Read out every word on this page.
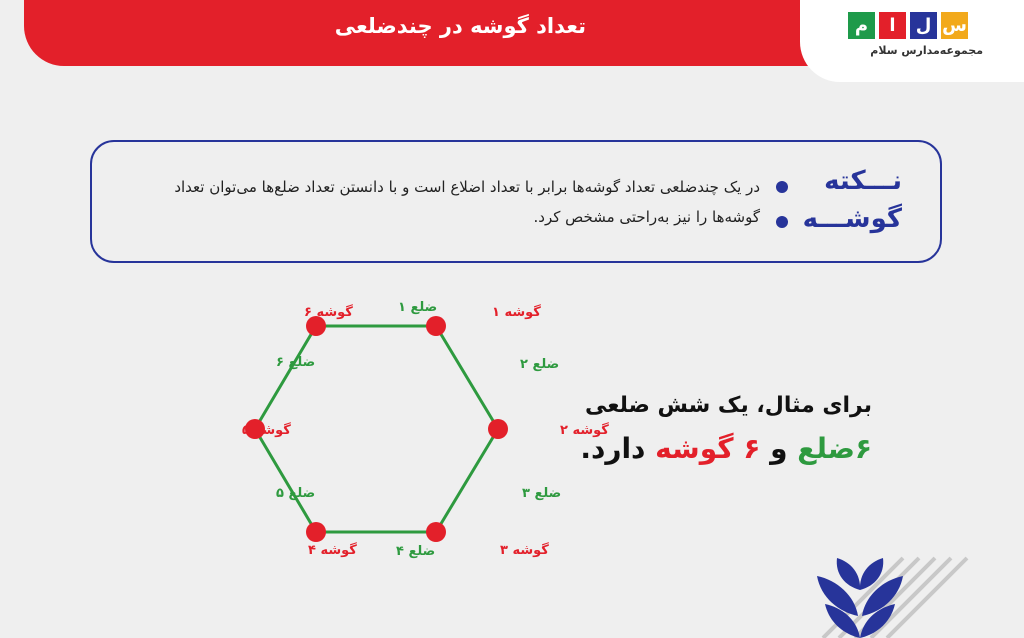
تعداد گوشه در چندضلعی	م	ا	ل س
مجموعه‌مدارس سلام
نـــکته
گوشـــه
در یک چندضلعی تعداد گوشه‌ها برابر با تعداد اضلاع است و با دانستن تعداد ضلع‌ها می‌توان تعداد گوشه‌ها را نیز به‌راحتی مشخص کرد.
گوشه ۱
گوشه ۲
گوشه ۳
گوشه ۴
گوشه ۵
گوشه ۶	ضلع ۱
ضلع ۲
ضلع ۳
ضلع ۴
ضلع ۵
ضلع ۶
برای مثال، یک شش ضلعی
۶ضلع و ۶ گوشه دارد.
